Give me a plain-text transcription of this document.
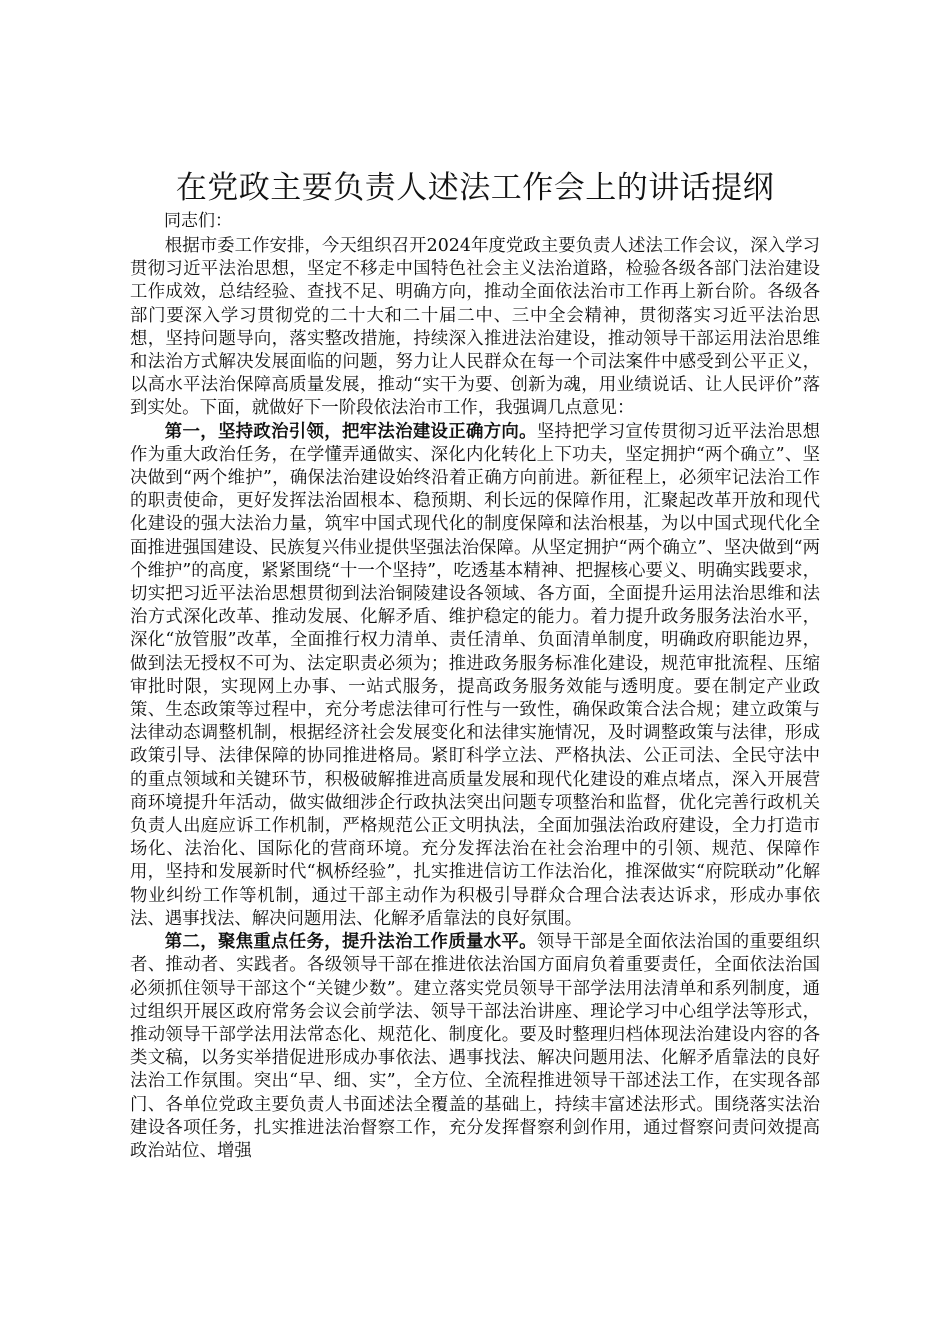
在党政主要负责人述法工作会上的讲话提纲

同志们：

根据市委工作安排，今天组织召开2024年度党政主要负责人述法工作会议，深入学习贯彻习近平法治思想，坚定不移走中国特色社会主义法治道路，检验各级各部门法治建设工作成效，总结经验、查找不足、明确方向，推动全面依法治市工作再上新台阶。各级各部门要深入学习贯彻党的二十大和二十届二中、三中全会精神，贯彻落实习近平法治思想，坚持问题导向，落实整改措施，持续深入推进法治建设，推动领导干部运用法治思维和法治方式解决发展面临的问题，努力让人民群众在每一个司法案件中感受到公平正义，以高水平法治保障高质量发展，推动“实干为要、创新为魂，用业绩说话、让人民评价”落到实处。下面，就做好下一阶段依法治市工作，我强调几点意见：

第一，坚持政治引领，把牢法治建设正确方向。坚持把学习宣传贯彻习近平法治思想作为重大政治任务，在学懂弄通做实、深化内化转化上下功夫，坚定拥护“两个确立”、坚决做到“两个维护”，确保法治建设始终沿着正确方向前进。新征程上，必须牢记法治工作的职责使命，更好发挥法治固根本、稳预期、利长远的保障作用，汇聚起改革开放和现代化建设的强大法治力量，筑牢中国式现代化的制度保障和法治根基，为以中国式现代化全面推进强国建设、民族复兴伟业提供坚强法治保障。从坚定拥护“两个确立”、坚决做到“两个维护”的高度，紧紧围绕“十一个坚持”，吃透基本精神、把握核心要义、明确实践要求，切实把习近平法治思想贯彻到法治铜陵建设各领域、各方面，全面提升运用法治思维和法治方式深化改革、推动发展、化解矛盾、维护稳定的能力。着力提升政务服务法治水平，深化“放管服”改革，全面推行权力清单、责任清单、负面清单制度，明确政府职能边界，做到法无授权不可为、法定职责必须为；推进政务服务标准化建设，规范审批流程、压缩审批时限，实现网上办事、一站式服务，提高政务服务效能与透明度。要在制定产业政策、生态政策等过程中，充分考虑法律可行性与一致性，确保政策合法合规；建立政策与法律动态调整机制，根据经济社会发展变化和法律实施情况，及时调整政策与法律，形成政策引导、法律保障的协同推进格局。紧盯科学立法、严格执法、公正司法、全民守法中的重点领域和关键环节，积极破解推进高质量发展和现代化建设的难点堵点，深入开展营商环境提升年活动，做实做细涉企行政执法突出问题专项整治和监督，优化完善行政机关负责人出庭应诉工作机制，严格规范公正文明执法，全面加强法治政府建设，全力打造市场化、法治化、国际化的营商环境。充分发挥法治在社会治理中的引领、规范、保障作用，坚持和发展新时代“枫桥经验”，扎实推进信访工作法治化，推深做实“府院联动”化解物业纠纷工作等机制，通过干部主动作为积极引导群众合理合法表达诉求，形成办事依法、遇事找法、解决问题用法、化解矛盾靠法的良好氛围。

第二，聚焦重点任务，提升法治工作质量水平。领导干部是全面依法治国的重要组织者、推动者、实践者。各级领导干部在推进依法治国方面肩负着重要责任，全面依法治国必须抓住领导干部这个“关键少数”。建立落实党员领导干部学法用法清单和系列制度，通过组织开展区政府常务会议会前学法、领导干部法治讲座、理论学习中心组学法等形式，推动领导干部学法用法常态化、规范化、制度化。要及时整理归档体现法治建设内容的各类文稿，以务实举措促进形成办事依法、遇事找法、解决问题用法、化解矛盾靠法的良好法治工作氛围。突出“早、细、实”，全方位、全流程推进领导干部述法工作，在实现各部门、各单位党政主要负责人书面述法全覆盖的基础上，持续丰富述法形式。围绕落实法治建设各项任务，扎实推进法治督察工作，充分发挥督察利剑作用，通过督察问责问效提高政治站位、增强
